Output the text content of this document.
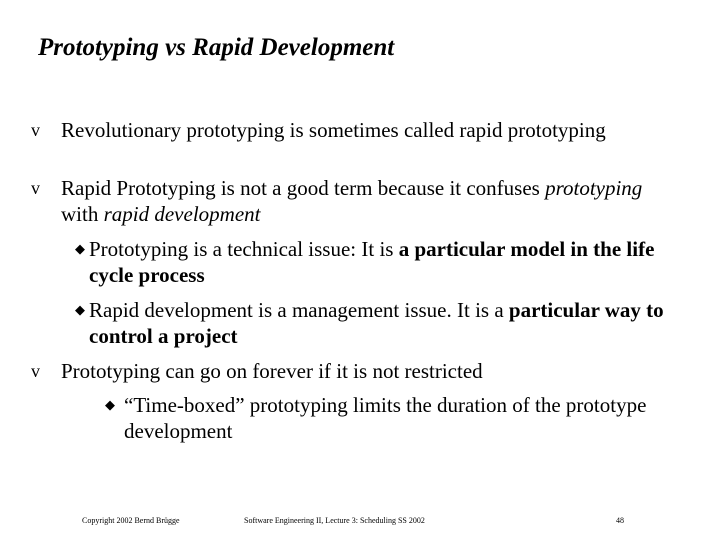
Prototyping vs Rapid Development
v Revolutionary prototyping is sometimes called rapid prototyping
v Rapid Prototyping is not a good term because it confuses prototyping with rapid development
◆ Prototyping is a technical issue: It is a particular model in the life cycle process
◆ Rapid development is a management issue. It is a particular way to control a project
v Prototyping can go on forever if it is not restricted
◆ “Time-boxed” prototyping limits the duration of the prototype development
Copyright 2002 Bernd Brügge	Software Engineering II, Lecture 3: Scheduling SS 2002	48
